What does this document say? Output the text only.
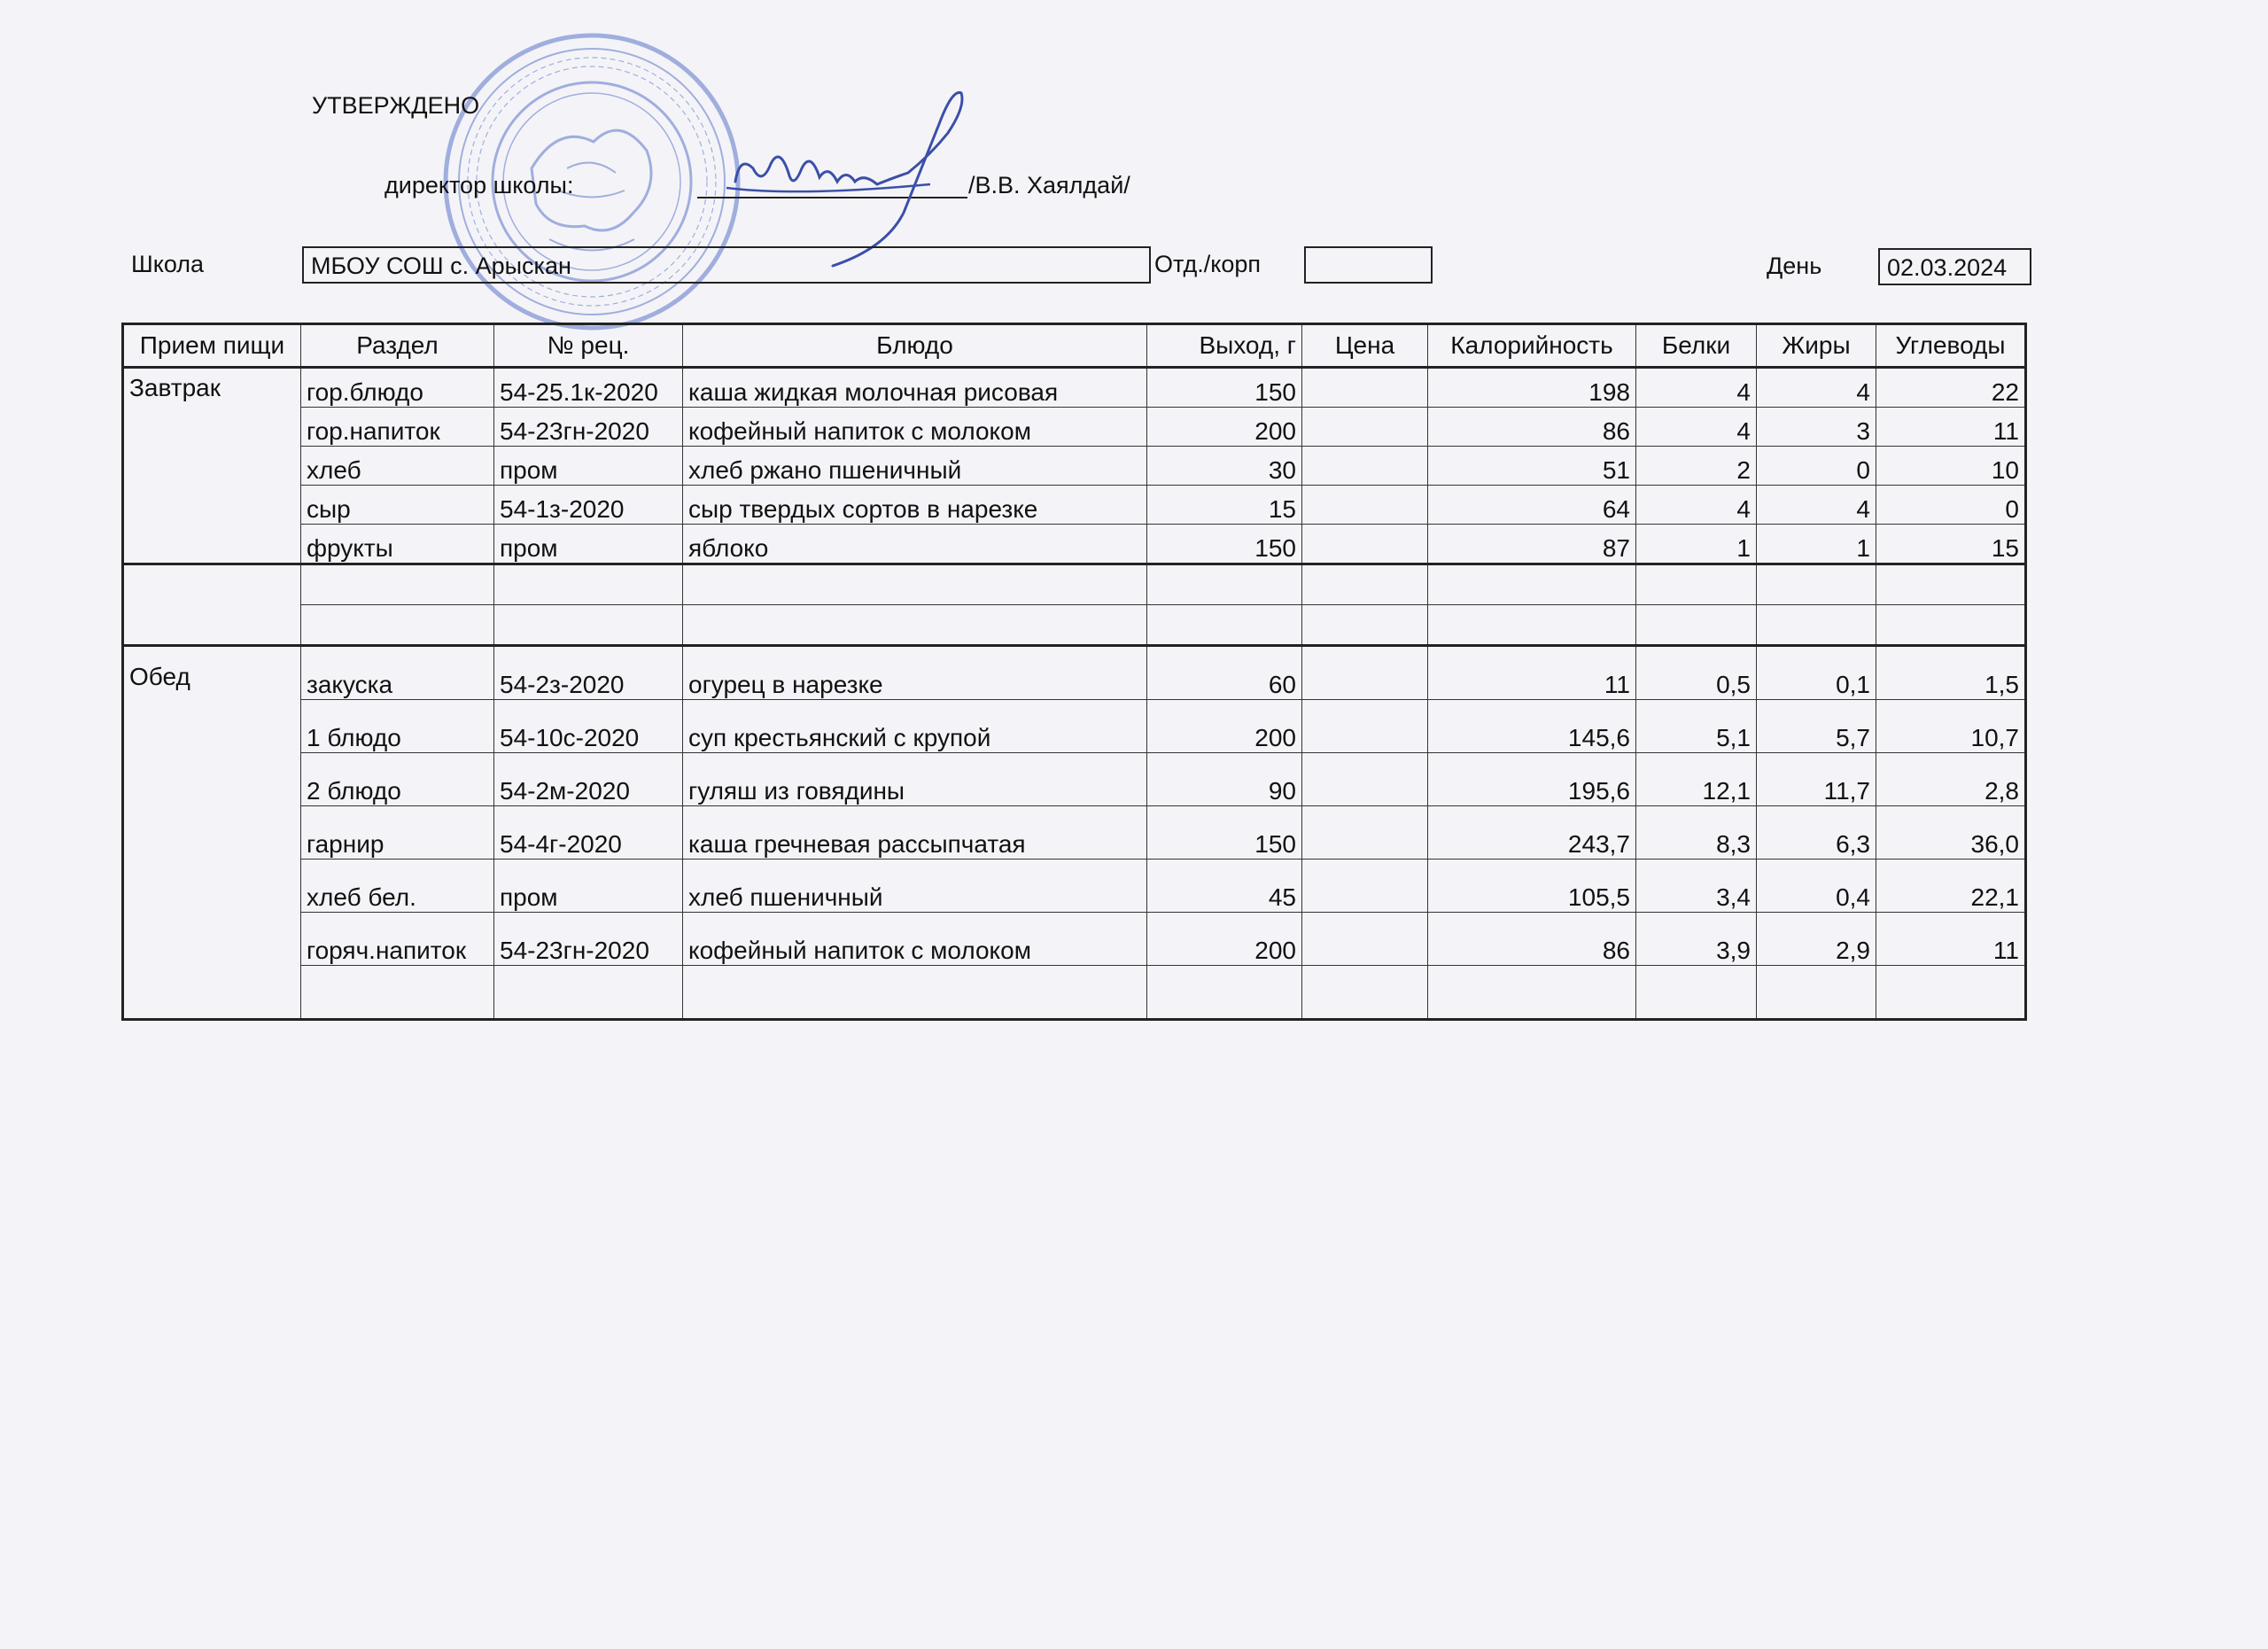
УТВЕРЖДЕНО
директор школы:	/В.В. Хаялдай/
Школа	МБОУ СОШ с. Арыскан	Отд./корп	День	02.03.2024
Прием пищи	Раздел	№ рец.	Блюдо	Выход, г	Цена	Калорийность	Белки	Жиры	Углеводы
Завтрак	гор.блюдо	54-25.1к-2020	каша жидкая молочная рисовая	150		198	4	4	22
	гор.напиток	54-23гн-2020	кофейный напиток с молоком	200		86	4	3	11
	хлеб	пром	хлеб ржано пшеничный	30		51	2	0	10
	сыр	54-1з-2020	сыр твердых сортов в нарезке	15		64	4	4	0
	фрукты	пром	яблоко	150		87	1	1	15

Обед	закуска	54-2з-2020	огурец в нарезке	60		11	0,5	0,1	1,5
	1 блюдо	54-10с-2020	суп крестьянский с крупой	200		145,6	5,1	5,7	10,7
	2 блюдо	54-2м-2020	гуляш из говядины	90		195,6	12,1	11,7	2,8
	гарнир	54-4г-2020	каша гречневая рассыпчатая	150		243,7	8,3	6,3	36,0
	хлеб бел.	пром	хлеб пшеничный	45		105,5	3,4	0,4	22,1
	горяч.напиток	54-23гн-2020	кофейный напиток с молоком	200		86	3,9	2,9	11
